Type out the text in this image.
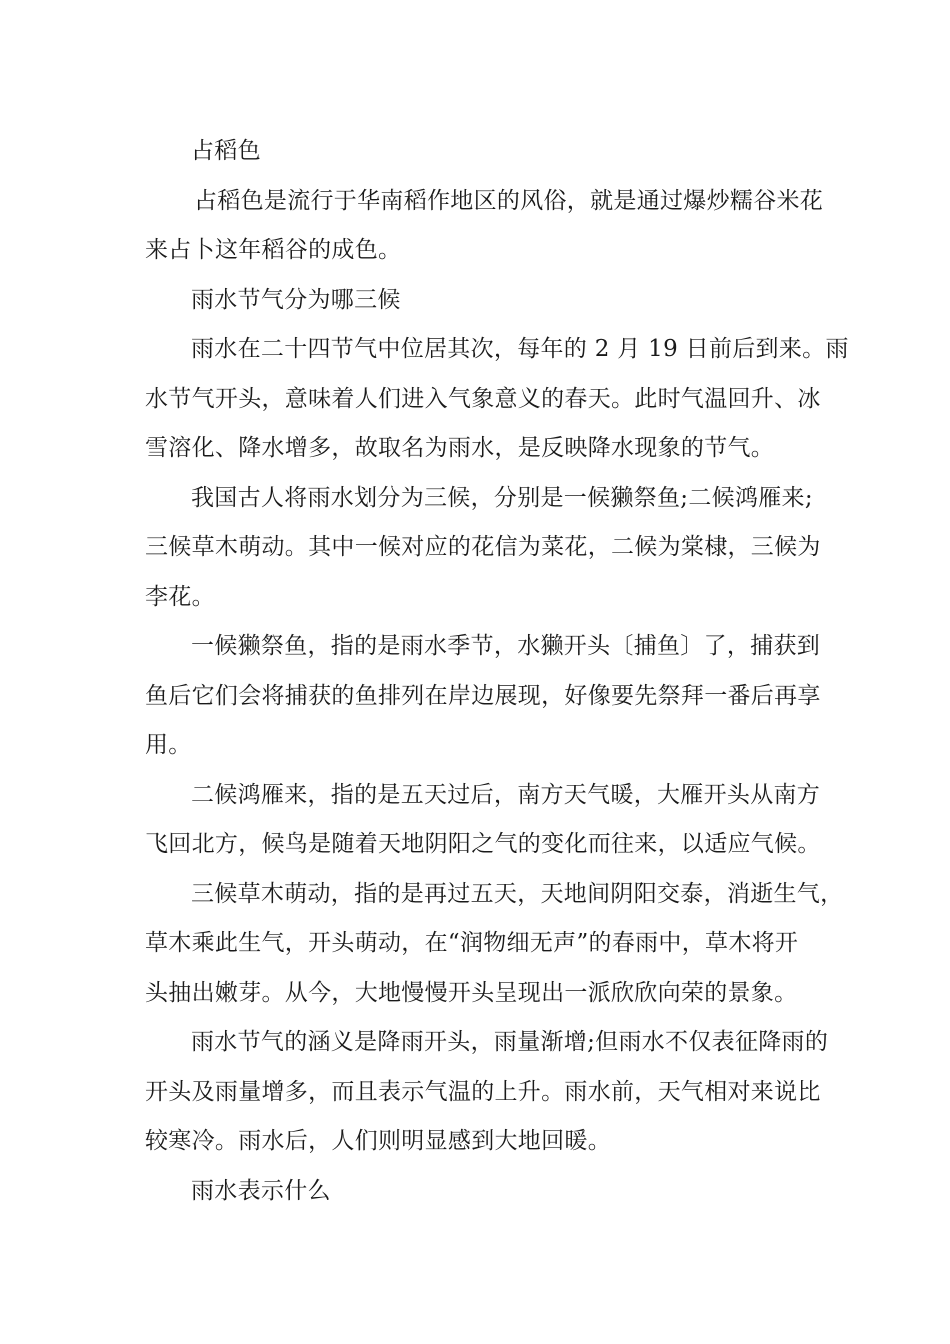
占稻色
占稻色是流行于华南稻作地区的风俗，就是通过爆炒糯谷米花
来占卜这年稻谷的成色。
雨水节气分为哪三候
雨水在二十四节气中位居其次，每年的 2 月 19 日前后到来。雨
水节气开头，意味着人们进入气象意义的春天。此时气温回升、冰
雪溶化、降水增多，故取名为雨水，是反映降水现象的节气。
我国古人将雨水划分为三候，分别是一候獭祭鱼;二候鸿雁来;
三候草木萌动。其中一候对应的花信为菜花，二候为棠棣，三候为
李花。
一候獭祭鱼，指的是雨水季节，水獭开头〔捕鱼〕了，捕获到
鱼后它们会将捕获的鱼排列在岸边展现，好像要先祭拜一番后再享
用。
二候鸿雁来，指的是五天过后，南方天气暖，大雁开头从南方
飞回北方，候鸟是随着天地阴阳之气的变化而往来，以适应气候。
三候草木萌动，指的是再过五天，天地间阴阳交泰，消逝生气，
草木乘此生气，开头萌动，在“润物细无声”的春雨中，草木将开
头抽出嫩芽。从今，大地慢慢开头呈现出一派欣欣向荣的景象。
雨水节气的涵义是降雨开头，雨量渐增;但雨水不仅表征降雨的
开头及雨量增多，而且表示气温的上升。雨水前，天气相对来说比
较寒冷。雨水后，人们则明显感到大地回暖。
雨水表示什么
